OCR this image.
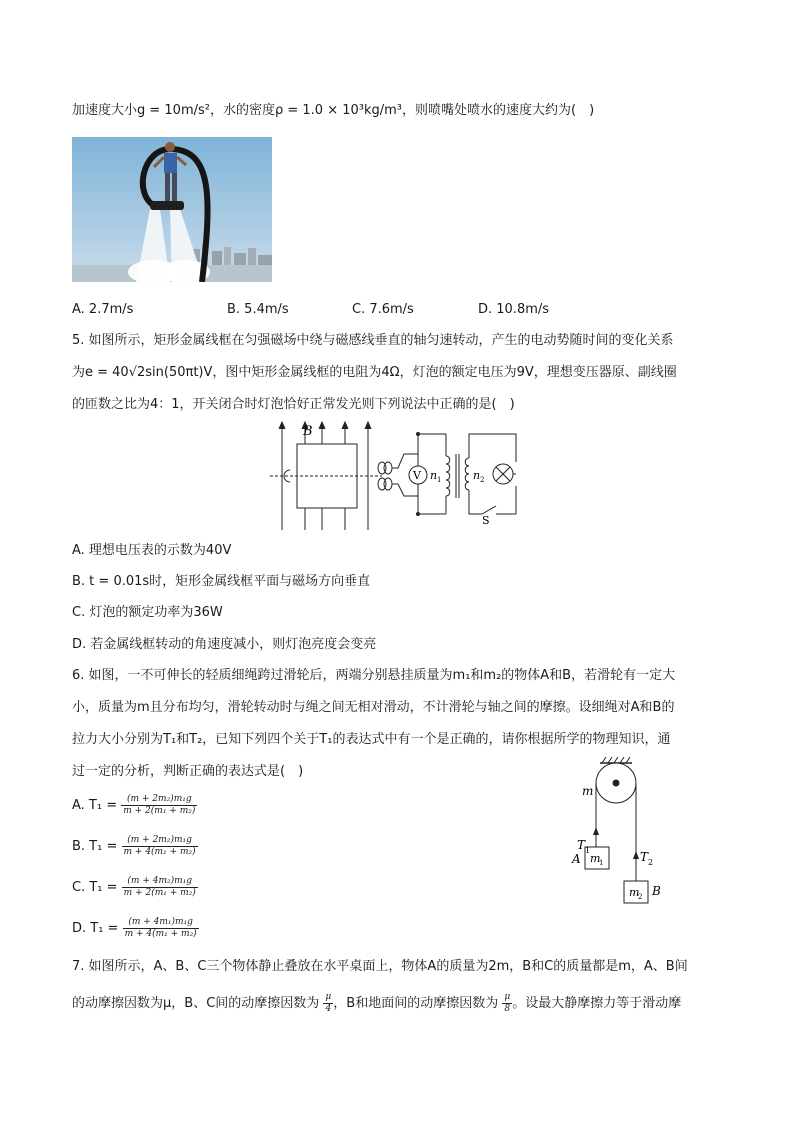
加速度大小g = 10m/s²，水的密度ρ = 1.0 × 10³kg/m³，则喷嘴处喷水的速度大约为(　)
A. 2.7m/s	B. 5.4m/s	C. 7.6m/s	D. 10.8m/s
5. 如图所示，矩形金属线框在匀强磁场中绕与磁感线垂直的轴匀速转动，产生的电动势随时间的变化关系
为e = 40√2sin(50πt)V，图中矩形金属线框的电阻为4Ω，灯泡的额定电压为9V，理想变压器原、副线圈
的匝数之比为4：1，开关闭合时灯泡恰好正常发光则下列说法中正确的是(　)
B
V n 1	n 2
S
A. 理想电压表的示数为40V
B. t = 0.01s时，矩形金属线框平面与磁场方向垂直
C. 灯泡的额定功率为36W
D. 若金属线框转动的角速度减小，则灯泡亮度会变亮
6. 如图，一不可伸长的轻质细绳跨过滑轮后，两端分别悬挂质量为m₁和m₂的物体A和B，若滑轮有一定大
小，质量为m且分布均匀，滑轮转动时与绳之间无相对滑动，不计滑轮与轴之间的摩擦。设细绳对A和B的
拉力大小分别为T₁和T₂，已知下列四个关于T₁的表达式中有一个是正确的，请你根据所学的物理知识，通
过一定的分析，判断正确的表达式是(　)
A. $T_1 = \frac{\text{(m + 2m₂)m₁g}}{\text{m + 2(m₁ + m₂)}}$
B. $T_1 = \frac{\text{(m + 2m₂)m₁g}}{\text{m + 4(m₁ + m₂)}}$
C. $T_1 = \frac{\text{(m + 4m₂)m₁g}}{\text{m + 2(m₁ + m₂)}}$
D. $T_1 = \frac{\text{(m + 4m₁)m₁g}}{\text{m + 4(m₁ + m₂)}}$
m
T 1	T 2
A m
1
m
2 B
7. 如图所示，A、B、C三个物体静止叠放在水平桌面上，物体A的质量为2m，B和C的质量都是m，A、B间
的动摩擦因数为μ，B、C间的动摩擦因数为 $\frac{\mu}{4}$ ，B和地面间的动摩擦因数为 $\frac{\mu}{8}$ 。设最大静摩擦力等于滑动摩
